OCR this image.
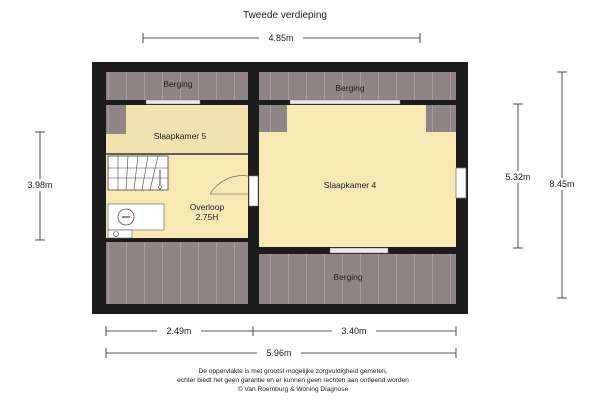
Tweede verdieping
4.85m
Berging	Berging
Slaapkamer 5
Slaapkamer 4
Overloop
2.75H
Berging
3.98m
5.32m
8.45m
2.49m	3.40m
5.96m
De oppervlakte is met grootst mogelijke zorgvuldigheid gemeten,
echter biedt het geen garantie en er kunnen geen rechten aan ontleend worden
© Van Roemburg & Woning Diagnose
